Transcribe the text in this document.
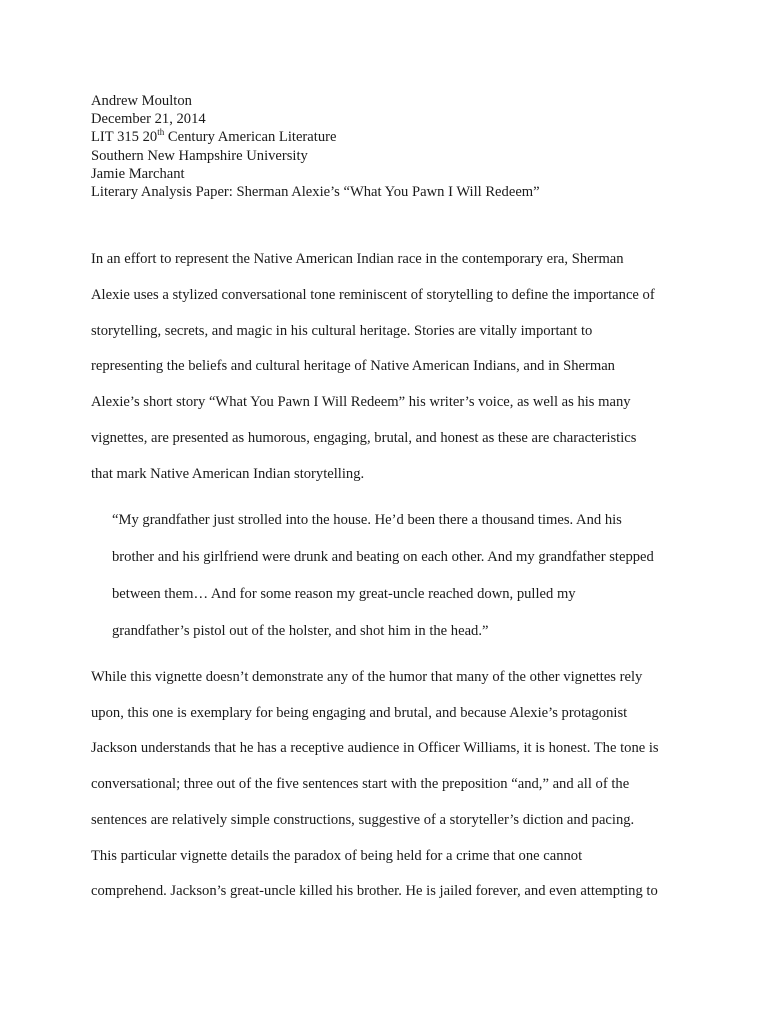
Andrew Moulton
December 21, 2014
LIT 315 20th Century American Literature
Southern New Hampshire University
Jamie Marchant
Literary Analysis Paper: Sherman Alexie’s “What You Pawn I Will Redeem”
In an effort to represent the Native American Indian race in the contemporary era, Sherman
Alexie uses a stylized conversational tone reminiscent of storytelling to define the importance of
storytelling, secrets, and magic in his cultural heritage. Stories are vitally important to
representing the beliefs and cultural heritage of Native American Indians, and in Sherman
Alexie’s short story “What You Pawn I Will Redeem” his writer’s voice, as well as his many
vignettes, are presented as humorous, engaging, brutal, and honest as these are characteristics
that mark Native American Indian storytelling.
“My grandfather just strolled into the house. He’d been there a thousand times. And his
brother and his girlfriend were drunk and beating on each other. And my grandfather stepped
between them… And for some reason my great-uncle reached down, pulled my
grandfather’s pistol out of the holster, and shot him in the head.”
While this vignette doesn’t demonstrate any of the humor that many of the other vignettes rely
upon, this one is exemplary for being engaging and brutal, and because Alexie’s protagonist
Jackson understands that he has a receptive audience in Officer Williams, it is honest. The tone is
conversational; three out of the five sentences start with the preposition “and,” and all of the
sentences are relatively simple constructions, suggestive of a storyteller’s diction and pacing.
This particular vignette details the paradox of being held for a crime that one cannot
comprehend. Jackson’s great-uncle killed his brother. He is jailed forever, and even attempting to
